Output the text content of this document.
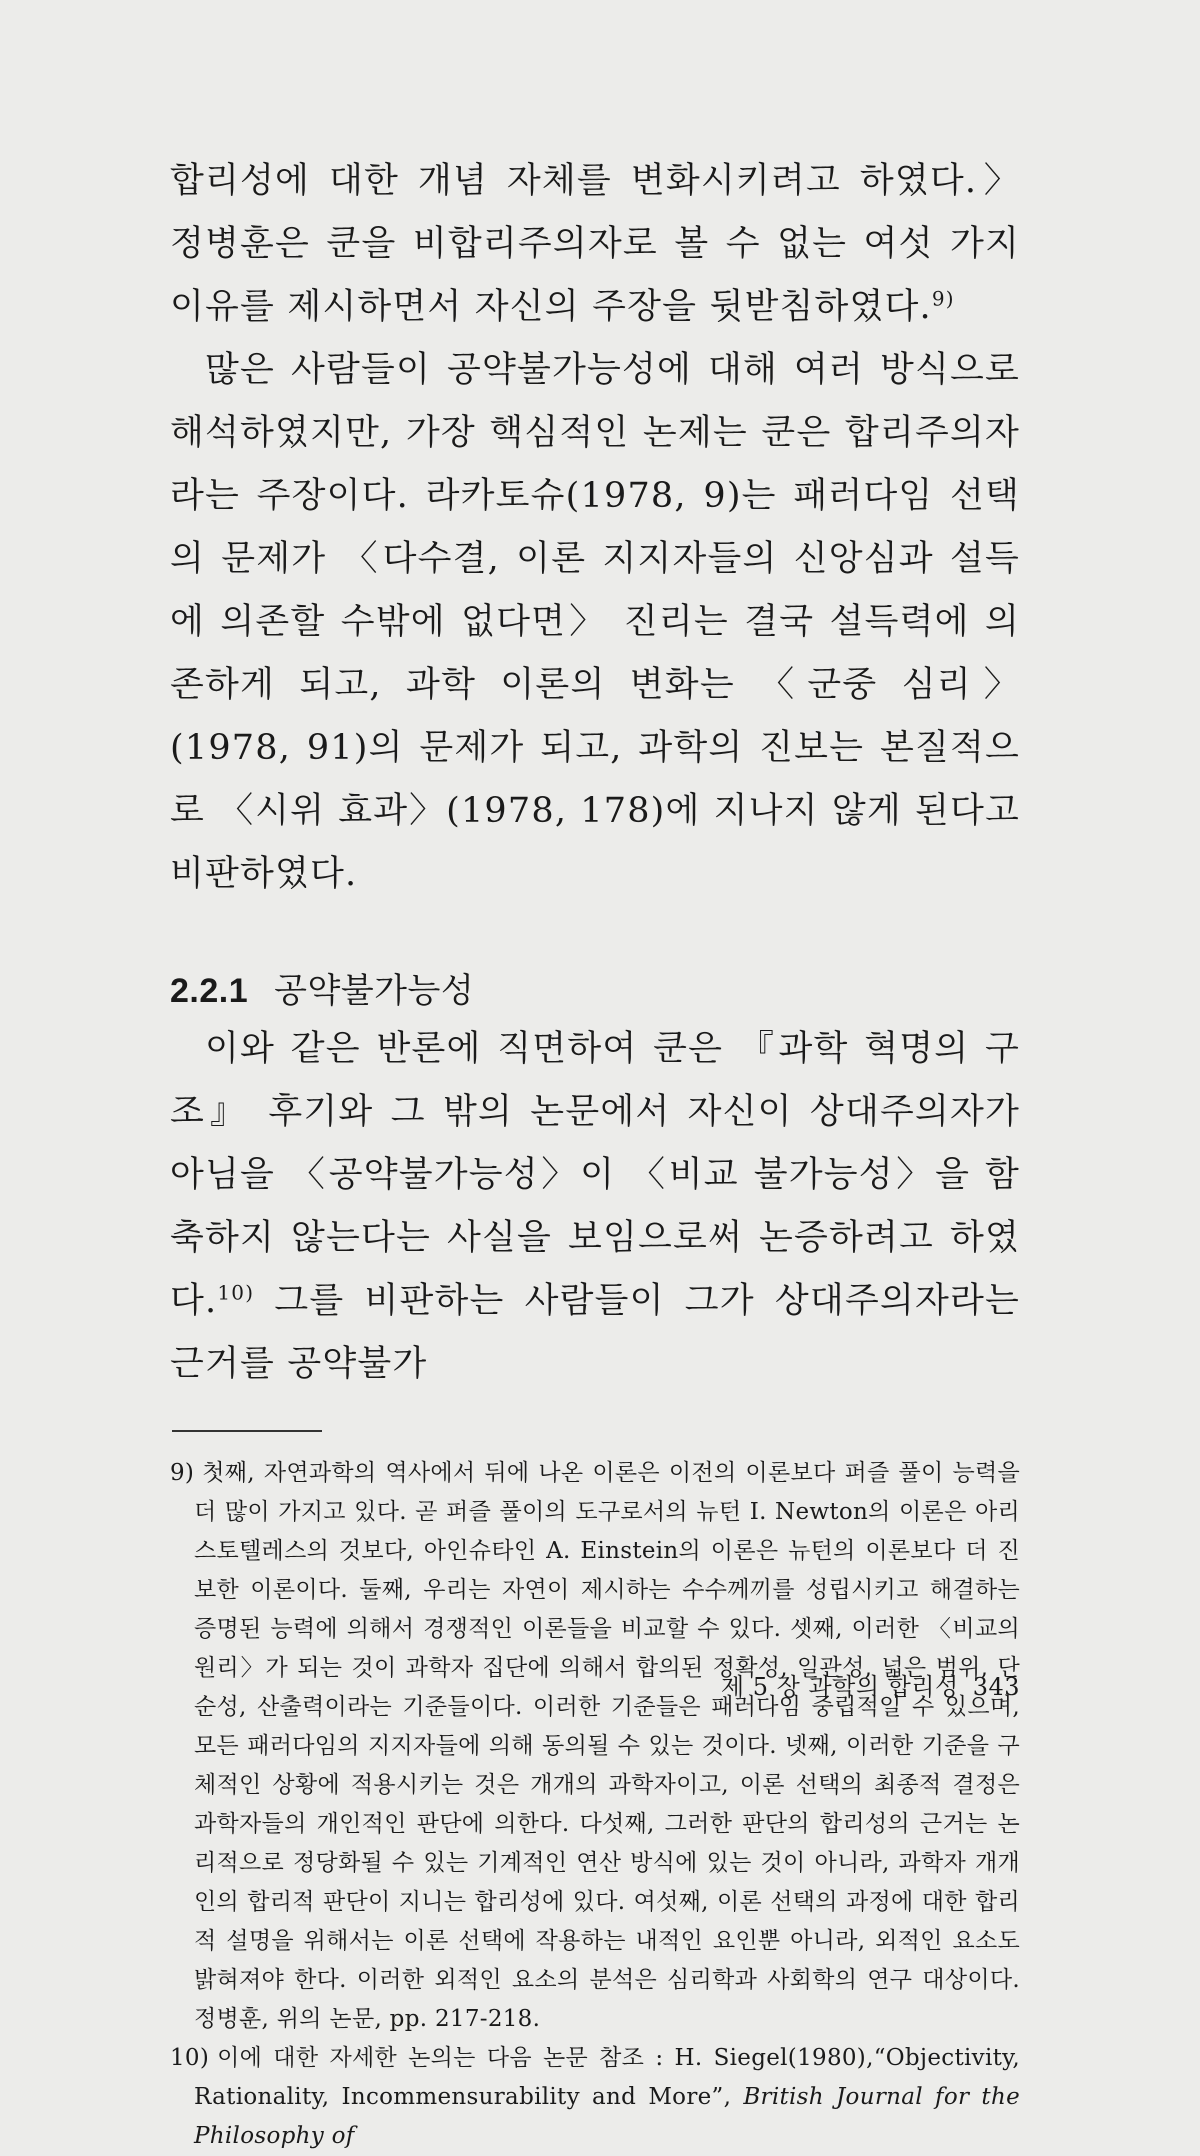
합리성에 대한 개념 자체를 변화시키려고 하였다.〉 정병훈은 쿤을 비합리주의자로 볼 수 없는 여섯 가지 이유를 제시하면서 자신의 주장을 뒷받침하였다.$^{9)}$

많은 사람들이 공약불가능성에 대해 여러 방식으로 해석하였지만, 가장 핵심적인 논제는 쿤은 합리주의자라는 주장이다. 라카토슈(1978, 9)는 패러다임 선택의 문제가 〈다수결, 이론 지지자들의 신앙심과 설득에 의존할 수밖에 없다면〉 진리는 결국 설득력에 의존하게 되고, 과학 이론의 변화는 〈군중 심리〉(1978, 91)의 문제가 되고, 과학의 진보는 본질적으로 〈시위 효과〉(1978, 178)에 지나지 않게 된다고 비판하였다.

2.2.1 공약불가능성

이와 같은 반론에 직면하여 쿤은 『과학 혁명의 구조』 후기와 그 밖의 논문에서 자신이 상대주의자가 아님을 〈공약불가능성〉이 〈비교 불가능성〉을 함축하지 않는다는 사실을 보임으로써 논증하려고 하였다.$^{10)}$ 그를 비판하는 사람들이 그가 상대주의자라는 근거를 공약불가

9) 첫째, 자연과학의 역사에서 뒤에 나온 이론은 이전의 이론보다 퍼즐 풀이 능력을 더 많이 가지고 있다. 곧 퍼즐 풀이의 도구로서의 뉴턴 I. Newton의 이론은 아리스토텔레스의 것보다, 아인슈타인 A. Einstein의 이론은 뉴턴의 이론보다 더 진보한 이론이다. 둘째, 우리는 자연이 제시하는 수수께끼를 성립시키고 해결하는 증명된 능력에 의해서 경쟁적인 이론들을 비교할 수 있다. 셋째, 이러한 〈비교의 원리〉가 되는 것이 과학자 집단에 의해서 합의된 정확성, 일관성, 넓은 범위, 단순성, 산출력이라는 기준들이다. 이러한 기준들은 패러다임 중립적일 수 있으며, 모든 패러다임의 지지자들에 의해 동의될 수 있는 것이다. 넷째, 이러한 기준을 구체적인 상황에 적용시키는 것은 개개의 과학자이고, 이론 선택의 최종적 결정은 과학자들의 개인적인 판단에 의한다. 다섯째, 그러한 판단의 합리성의 근거는 논리적으로 정당화될 수 있는 기계적인 연산 방식에 있는 것이 아니라, 과학자 개개인의 합리적 판단이 지니는 합리성에 있다. 여섯째, 이론 선택의 과정에 대한 합리적 설명을 위해서는 이론 선택에 작용하는 내적인 요인뿐 아니라, 외적인 요소도 밝혀져야 한다. 이러한 외적인 요소의 분석은 심리학과 사회학의 연구 대상이다. 정병훈, 위의 논문, pp. 217-218.

10) 이에 대한 자세한 논의는 다음 논문 참조 : H. Siegel(1980),“Objectivity, Rationality, Incommensurability and More”, British Journal for the Philosophy of

제 5 장 과학의 합리성 343
